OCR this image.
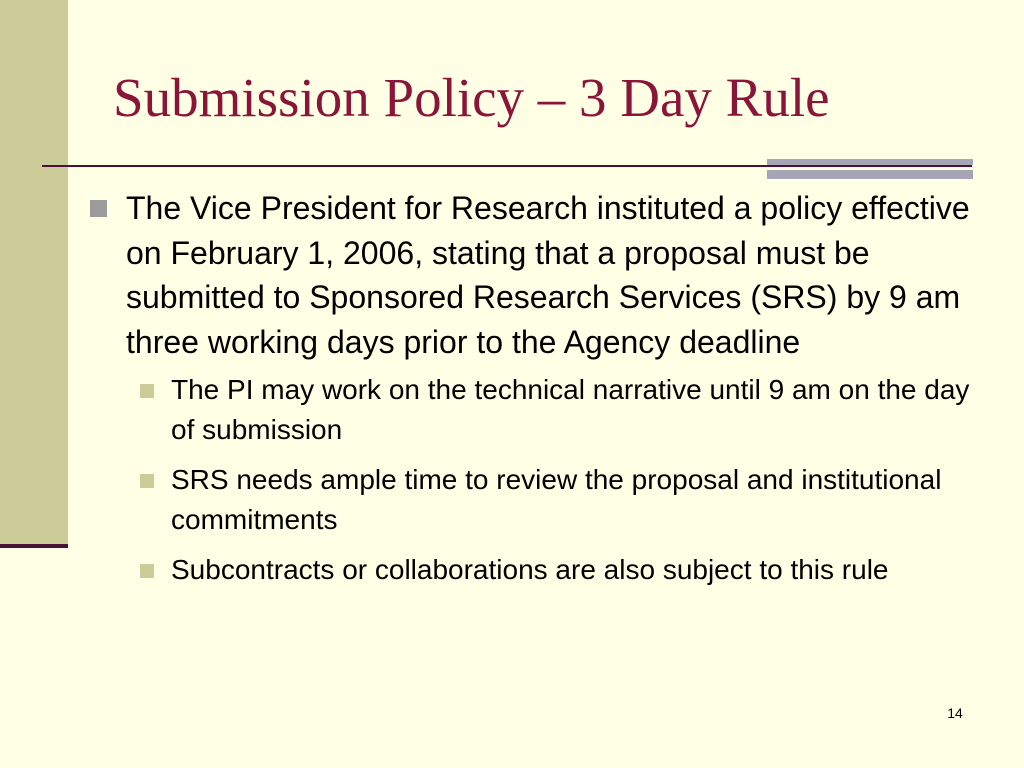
Submission Policy – 3 Day Rule
The Vice President for Research instituted a policy effective on February 1, 2006, stating that a proposal must be submitted to Sponsored Research Services (SRS) by 9 am three working days prior to the Agency deadline
The PI may work on the technical narrative until 9 am on the day of submission
SRS needs ample time to review the proposal and institutional commitments
Subcontracts or collaborations are also subject to this rule
14
